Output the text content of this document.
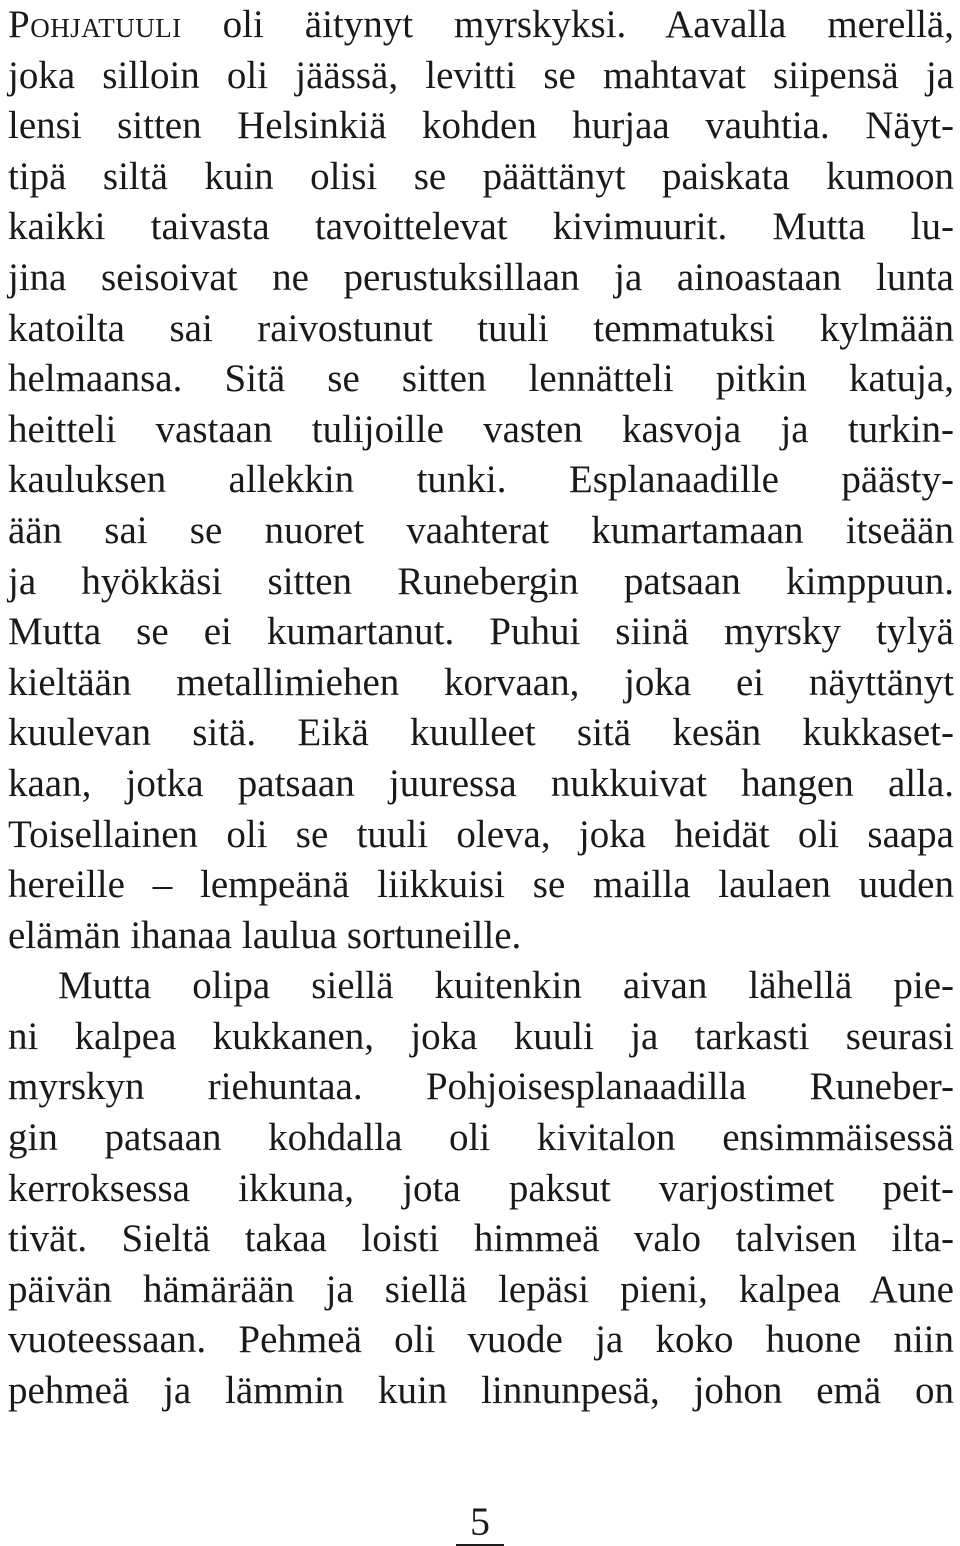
Pohjatuuli oli äitynyt myrskyksi. Aavalla merellä,
joka silloin oli jäässä, levitti se mahtavat siipensä ja
lensi sitten Helsinkiä kohden hurjaa vauhtia. Näyt-
tipä siltä kuin olisi se päättänyt paiskata kumoon
kaikki taivasta tavoittelevat kivimuurit. Mutta lu-
jina seisoivat ne perustuksillaan ja ainoastaan lunta
katoilta sai raivostunut tuuli temmatuksi kylmään
helmaansa. Sitä se sitten lennätteli pitkin katuja,
heitteli vastaan tulijoille vasten kasvoja ja turkin-
kauluksen allekkin tunki. Esplanaadille päästy-
ään sai se nuoret vaahterat kumartamaan itseään
ja hyökkäsi sitten Runebergin patsaan kimppuun.
Mutta se ei kumartanut. Puhui siinä myrsky tylyä
kieltään metallimiehen korvaan, joka ei näyttänyt
kuulevan sitä. Eikä kuulleet sitä kesän kukkaset-
kaan, jotka patsaan juuressa nukkuivat hangen alla.
Toisellainen oli se tuuli oleva, joka heidät oli saapa
hereille – lempeänä liikkuisi se mailla laulaen uuden
elämän ihanaa laulua sortuneille.
Mutta olipa siellä kuitenkin aivan lähellä pie-
ni kalpea kukkanen, joka kuuli ja tarkasti seurasi
myrskyn riehuntaa. Pohjoisesplanaadilla Runeber-
gin patsaan kohdalla oli kivitalon ensimmäisessä
kerroksessa ikkuna, jota paksut varjostimet peit-
tivät. Sieltä takaa loisti himmeä valo talvisen ilta-
päivän hämärään ja siellä lepäsi pieni, kalpea Aune
vuoteessaan. Pehmeä oli vuode ja koko huone niin
pehmeä ja lämmin kuin linnunpesä, johon emä on
5
